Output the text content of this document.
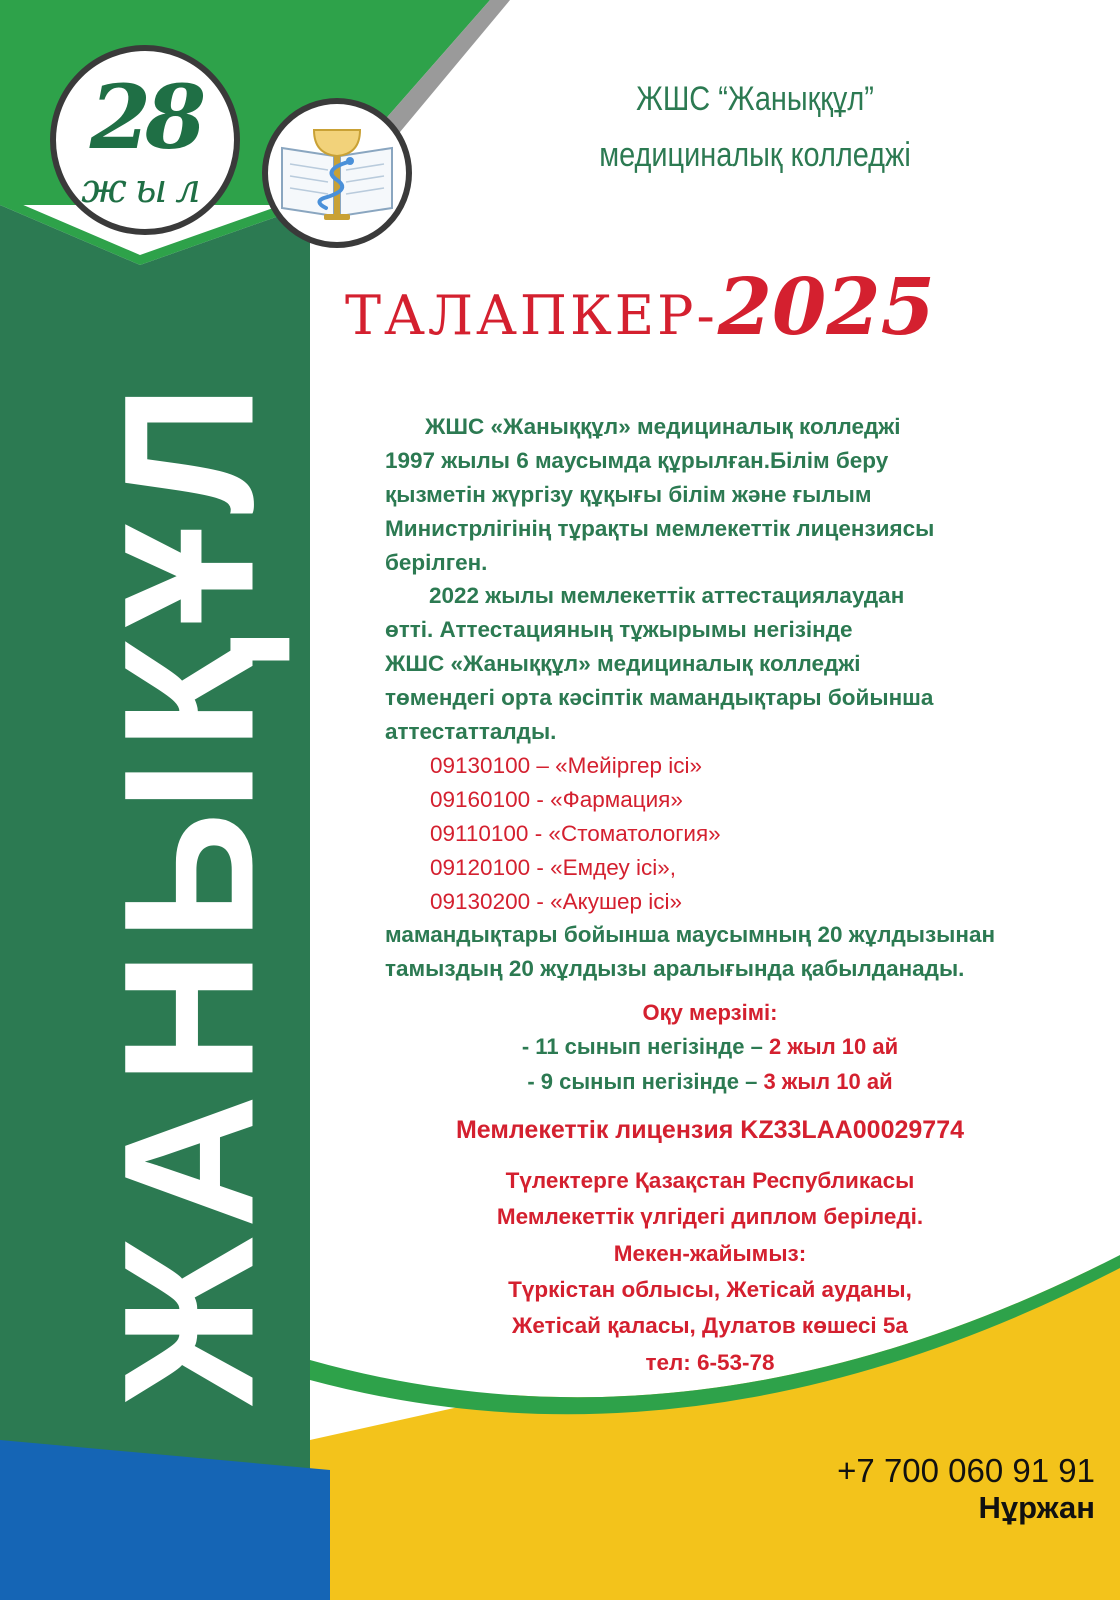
ЖАНЫҚҰЛ
28
жыл
ЖШС “Жаныққұл”
медициналық колледжі
ТАЛАПКЕР-2025
ЖШС «Жаныққұл» медициналық колледжі
1997 жылы 6 маусымда құрылған.Білім беру
қызметін жүргізу құқығы білім және ғылым
Министрлігінің тұрақты мемлекеттік лицензиясы
берілген.
2022 жылы мемлекеттік аттестациялаудан
өтті. Аттестацияның тұжырымы негізінде
ЖШС «Жаныққұл» медициналық колледжі
төмендегі орта кәсіптік мамандықтары бойынша
аттестатталды.
09130100 – «Мейіргер ісі»
09160100 - «Фармация»
09110100 - «Стоматология»
09120100 - «Емдеу ісі»,
09130200 - «Акушер ісі»
мамандықтары бойынша маусымның 20 жұлдызынан
тамыздың 20 жұлдызы аралығында қабылданады.
Оқу мерзімі:
- 11 сынып негізінде – 2 жыл 10 ай
- 9 сынып негізінде – 3 жыл 10 ай
Мемлекеттік лицензия KZ33LAA00029774
Түлектерге Қазақстан Республикасы
Мемлекеттік үлгідегі диплом беріледі.
Мекен-жайымыз:
Түркістан облысы, Жетісай ауданы,
Жетісай қаласы, Дулатов көшесі 5а
тел: 6-53-78
+7 700 060 91 91
Нұржан
